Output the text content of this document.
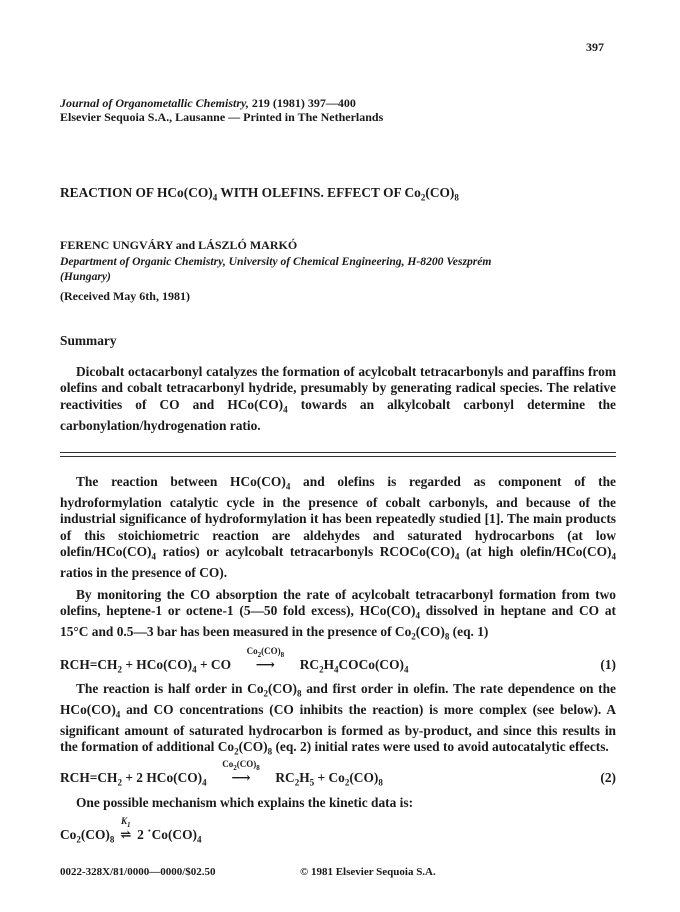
397
Journal of Organometallic Chemistry, 219 (1981) 397—400
Elsevier Sequoia S.A., Lausanne — Printed in The Netherlands
REACTION OF $HCo(CO)_4$ WITH OLEFINS. EFFECT OF $Co_2(CO)_8$
FERENC UNGVÁRY and LÁSZLÓ MARKÓ
Department of Organic Chemistry, University of Chemical Engineering, H-8200 Veszprém
(Hungary)
(Received May 6th, 1981)
Summary

Dicobalt octacarbonyl catalyzes the formation of acylcobalt tetracarbonyls and paraffins from olefins and cobalt tetracarbonyl hydride, presumably by generating radical species. The relative reactivities of CO and $HCo(CO)_4$ towards an alkylcobalt carbonyl determine the carbonylation/hydrogenation ratio.

The reaction between $HCo(CO)_4$ and olefins is regarded as component of the hydroformylation catalytic cycle in the presence of cobalt carbonyls, and because of the industrial significance of hydroformylation it has been repeatedly studied [1]. The main products of this stoichiometric reaction are aldehydes and saturated hydrocarbons (at low olefin/$HCo(CO)_4$ ratios) or acylcobalt tetracarbonyls $RCOCo(CO)_4$ (at high olefin/$HCo(CO)_4$ ratios in the presence of CO).

By monitoring the CO absorption the rate of acylcobalt tetracarbonyl formation from two olefins, heptene-1 or octene-1 (5—50 fold excess), $HCo(CO)_4$ dissolved in heptane and CO at 15°C and 0.5—3 bar has been measured in the presence of $Co_2(CO)_8$ (eq. 1)

$RCH=CH_2 + HCo(CO)_4$ + CO
$Co_2(CO)_8$
⟶ $RC_2H_4COCo(CO)_4$	(1)

The reaction is half order in $Co_2(CO)_8$ and first order in olefin. The rate dependence on the $HCo(CO)_4$ and CO concentrations (CO inhibits the reaction) is more complex (see below). A significant amount of saturated hydrocarbon is formed as by-product, and since this results in the formation of additional $Co_2(CO)_8$ (eq. 2) initial rates were used to avoid autocatalytic effects.

$RCH=CH_2 + 2$ $HCo(CO)_4$
$Co_2(CO)_8$
⟶ $RC_2H_5 + Co_2(CO)_8$	(2)

One possible mechanism which explains the kinetic data is:

$Co_2(CO)_8$
$K_1$
⇌ 2 $˙Co(CO)_4$
0022-328X/81/0000—0000/$02.50	© 1981 Elsevier Sequoia S.A.
